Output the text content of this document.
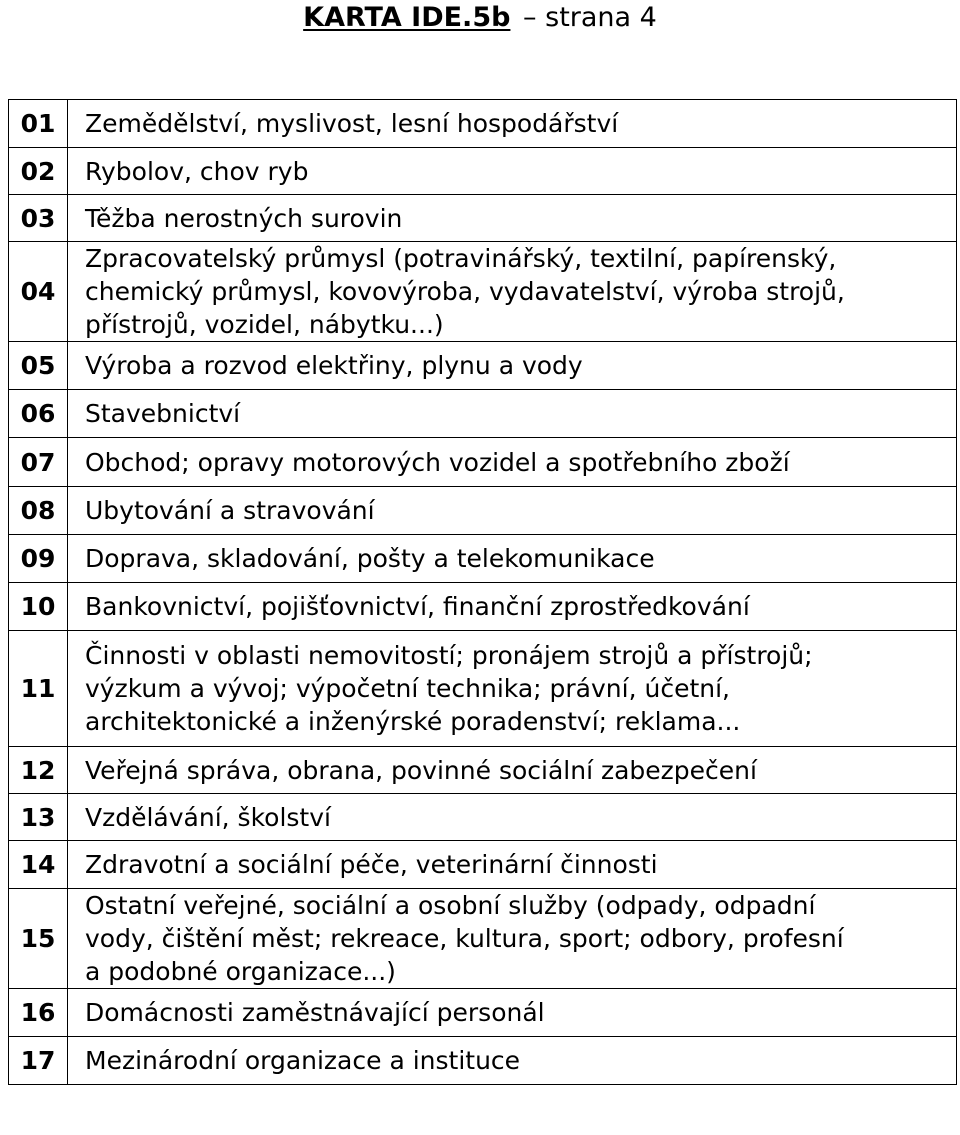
KARTA IDE.5b – strana 4
01	Zemědělství, myslivost, lesní hospodářství

02	Rybolov, chov ryb

03	Těžba nerostných surovin

04	Zpracovatelský průmysl (potravinářský, textilní, papírenský,
chemický průmysl, kovovýroba, vydavatelství, výroba strojů,
přístrojů, vozidel, nábytku...)

05	Výroba a rozvod elektřiny, plynu a vody

06	Stavebnictví

07	Obchod; opravy motorových vozidel a spotřebního zboží

08	Ubytování a stravování

09	Doprava, skladování, pošty a telekomunikace

10	Bankovnictví, pojišťovnictví, finanční zprostředkování

11	Činnosti v oblasti nemovitostí; pronájem strojů a přístrojů;
výzkum a vývoj; výpočetní technika; právní, účetní,
architektonické a inženýrské poradenství; reklama...

12	Veřejná správa, obrana, povinné sociální zabezpečení

13	Vzdělávání, školství

14	Zdravotní a sociální péče, veterinární činnosti

15	Ostatní veřejné, sociální a osobní služby (odpady, odpadní
vody, čištění měst; rekreace, kultura, sport; odbory, profesní
a podobné organizace...)

16	Domácnosti zaměstnávající personál

17	Mezinárodní organizace a instituce
